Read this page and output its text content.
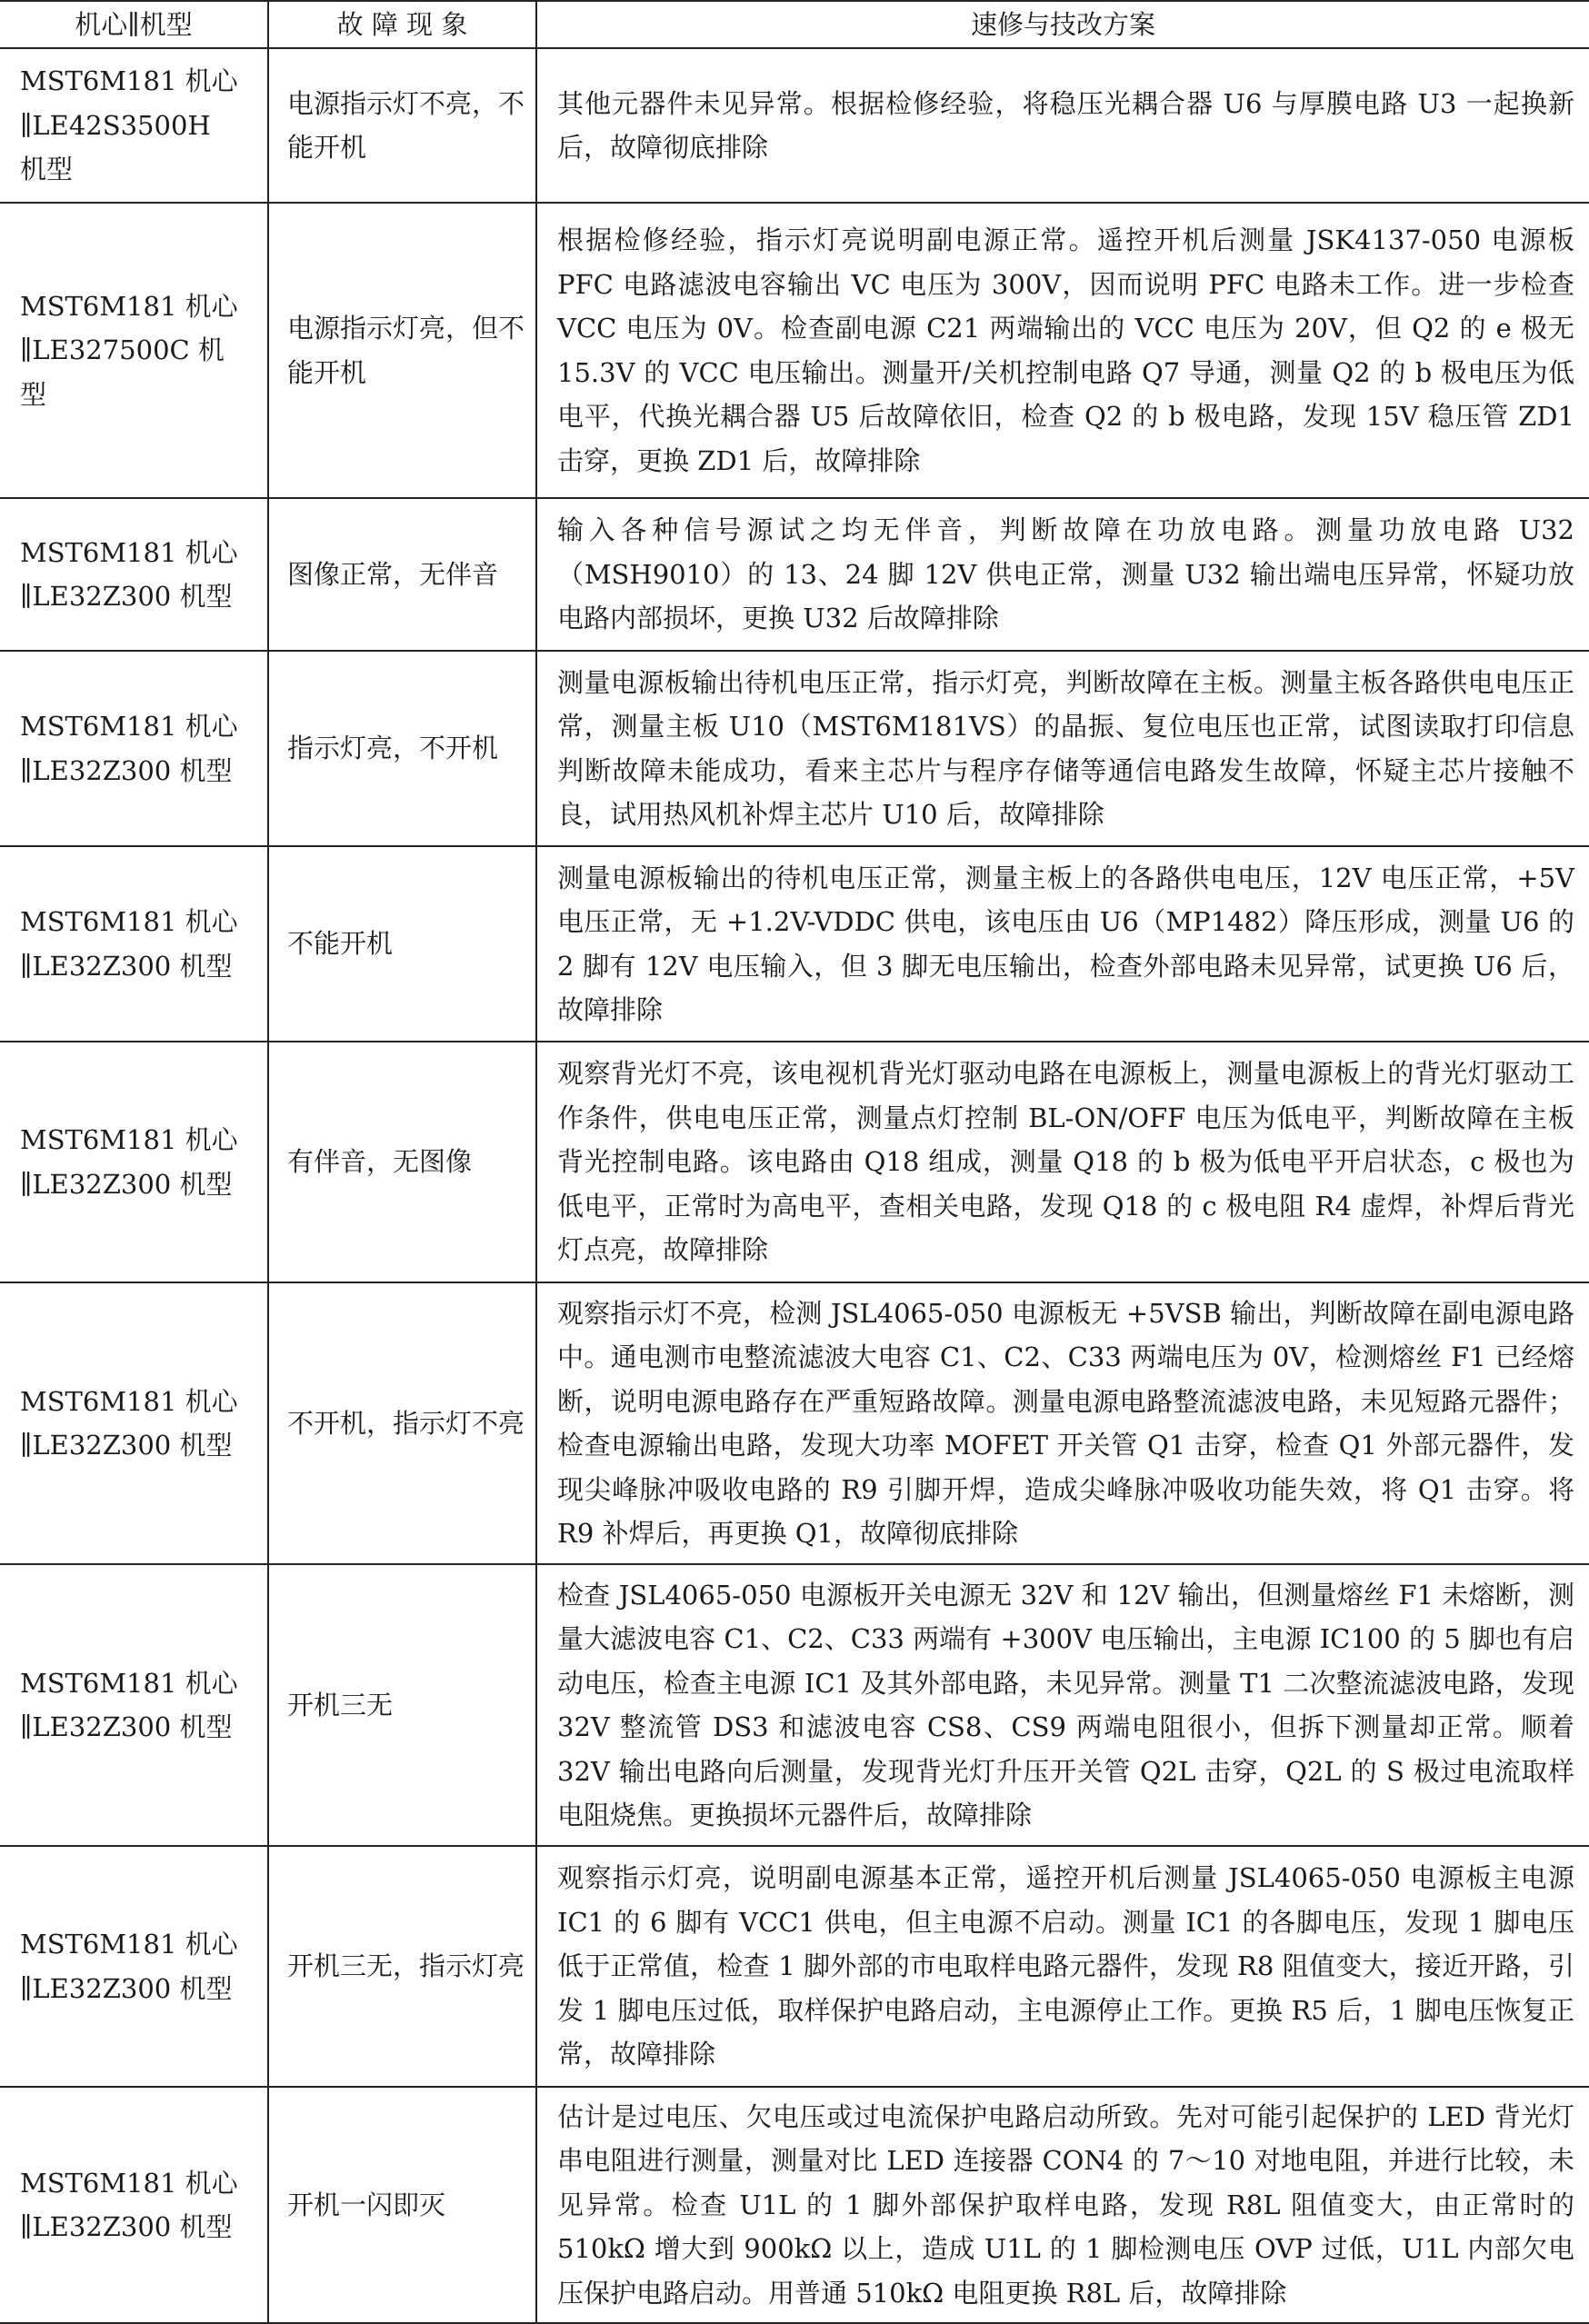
机心∥机型	故 障 现 象	速修与技改方案
MST6M181 机心∥LE42S3500H 机型	电源指示灯不亮，不能开机	其他元器件未见异常。根据检修经验，将稳压光耦合器 U6 与厚膜电路 U3 一起换新后，故障彻底排除
MST6M181 机心∥LE327500C 机型	电源指示灯亮，但不能开机	根据检修经验，指示灯亮说明副电源正常。遥控开机后测量 JSK4137-050 电源板 PFC 电路滤波电容输出 VC 电压为 300V，因而说明 PFC 电路未工作。进一步检查 VCC 电压为 0V。检查副电源 C21 两端输出的 VCC 电压为 20V，但 Q2 的 e 极无 15.3V 的 VCC 电压输出。测量开/关机控制电路 Q7 导通，测量 Q2 的 b 极电压为低电平，代换光耦合器 U5 后故障依旧，检查 Q2 的 b 极电路，发现 15V 稳压管 ZD1 击穿，更换 ZD1 后，故障排除
MST6M181 机心∥LE32Z300 机型	图像正常，无伴音	输入各种信号源试之均无伴音，判断故障在功放电路。测量功放电路 U32（MSH9010）的 13、24 脚 12V 供电正常，测量 U32 输出端电压异常，怀疑功放电路内部损坏，更换 U32 后故障排除
MST6M181 机心∥LE32Z300 机型	指示灯亮，不开机	测量电源板输出待机电压正常，指示灯亮，判断故障在主板。测量主板各路供电电压正常，测量主板 U10（MST6M181VS）的晶振、复位电压也正常，试图读取打印信息判断故障未能成功，看来主芯片与程序存储等通信电路发生故障，怀疑主芯片接触不良，试用热风机补焊主芯片 U10 后，故障排除
MST6M181 机心∥LE32Z300 机型	不能开机	测量电源板输出的待机电压正常，测量主板上的各路供电电压，12V 电压正常，+5V 电压正常，无 +1.2V-VDDC 供电，该电压由 U6（MP1482）降压形成，测量 U6 的 2 脚有 12V 电压输入，但 3 脚无电压输出，检查外部电路未见异常，试更换 U6 后，故障排除
MST6M181 机心∥LE32Z300 机型	有伴音，无图像	观察背光灯不亮，该电视机背光灯驱动电路在电源板上，测量电源板上的背光灯驱动工作条件，供电电压正常，测量点灯控制 BL-ON/OFF 电压为低电平，判断故障在主板背光控制电路。该电路由 Q18 组成，测量 Q18 的 b 极为低电平开启状态，c 极也为低电平，正常时为高电平，查相关电路，发现 Q18 的 c 极电阻 R4 虚焊，补焊后背光灯点亮，故障排除
MST6M181 机心∥LE32Z300 机型	不开机，指示灯不亮	观察指示灯不亮，检测 JSL4065-050 电源板无 +5VSB 输出，判断故障在副电源电路中。通电测市电整流滤波大电容 C1、C2、C33 两端电压为 0V，检测熔丝 F1 已经熔断，说明电源电路存在严重短路故障。测量电源电路整流滤波电路，未见短路元器件；检查电源输出电路，发现大功率 MOFET 开关管 Q1 击穿，检查 Q1 外部元器件，发现尖峰脉冲吸收电路的 R9 引脚开焊，造成尖峰脉冲吸收功能失效，将 Q1 击穿。将 R9 补焊后，再更换 Q1，故障彻底排除
MST6M181 机心∥LE32Z300 机型	开机三无	检查 JSL4065-050 电源板开关电源无 32V 和 12V 输出，但测量熔丝 F1 未熔断，测量大滤波电容 C1、C2、C33 两端有 +300V 电压输出，主电源 IC100 的 5 脚也有启动电压，检查主电源 IC1 及其外部电路，未见异常。测量 T1 二次整流滤波电路，发现 32V 整流管 DS3 和滤波电容 CS8、CS9 两端电阻很小，但拆下测量却正常。顺着 32V 输出电路向后测量，发现背光灯升压开关管 Q2L 击穿，Q2L 的 S 极过电流取样电阻烧焦。更换损坏元器件后，故障排除
MST6M181 机心∥LE32Z300 机型	开机三无，指示灯亮	观察指示灯亮，说明副电源基本正常，遥控开机后测量 JSL4065-050 电源板主电源 IC1 的 6 脚有 VCC1 供电，但主电源不启动。测量 IC1 的各脚电压，发现 1 脚电压低于正常值，检查 1 脚外部的市电取样电路元器件，发现 R8 阻值变大，接近开路，引发 1 脚电压过低，取样保护电路启动，主电源停止工作。更换 R5 后，1 脚电压恢复正常，故障排除
MST6M181 机心∥LE32Z300 机型	开机一闪即灭	估计是过电压、欠电压或过电流保护电路启动所致。先对可能引起保护的 LED 背光灯串电阻进行测量，测量对比 LED 连接器 CON4 的 7～10 对地电阻，并进行比较，未见异常。检查 U1L 的 1 脚外部保护取样电路，发现 R8L 阻值变大，由正常时的 510kΩ 增大到 900kΩ 以上，造成 U1L 的 1 脚检测电压 OVP 过低，U1L 内部欠电压保护电路启动。用普通 510kΩ 电阻更换 R8L 后，故障排除
